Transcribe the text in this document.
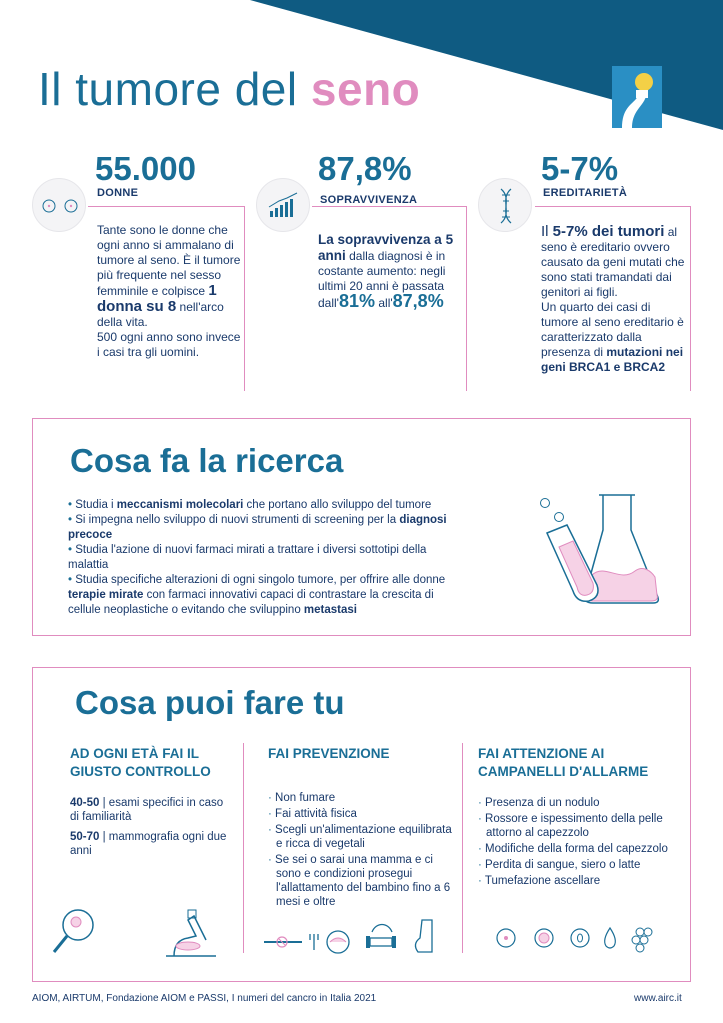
Il tumore del seno
AIRC
55.000
DONNE
Tante sono le donne che ogni anno si ammalano di tumore al seno. È il tumore più frequente nel sesso femminile e colpisce 1 donna su 8 nell'arco della vita.
500 ogni anno sono invece i casi tra gli uomini.
87,8%
SOPRAVVIVENZA
La sopravvivenza a 5 anni dalla diagnosi è in costante aumento: negli ultimi 20 anni è passata
dall'81% all'87,8%
5-7%
EREDITARIETÀ
Il 5-7% dei tumori al seno è ereditario ovvero causato da geni mutati che sono stati tramandati dai genitori ai figli.
Un quarto dei casi di tumore al seno ereditario è caratterizzato dalla presenza di mutazioni nei geni BRCA1 e BRCA2
Cosa fa la ricerca
• Studia i meccanismi molecolari che portano allo sviluppo del tumore
• Si impegna nello sviluppo di nuovi strumenti di screening per la diagnosi precoce
• Studia l'azione di nuovi farmaci mirati a trattare i diversi sottotipi della malattia
• Studia specifiche alterazioni di ogni singolo tumore, per offrire alle donne terapie mirate con farmaci innovativi capaci di contrastare la crescita di cellule neoplastiche o evitando che sviluppino metastasi
Cosa puoi fare tu
AD OGNI ETÀ FAI IL GIUSTO CONTROLLO
40-50 | esami specifici in caso di familiarità
50-70 | mammografia ogni due anni
FAI PREVENZIONE
· Non fumare
· Fai attività fisica
· Scegli un'alimentazione equilibrata e ricca di vegetali
· Se sei o sarai una mamma e ci sono e condizioni prosegui l'allattamento del bambino fino a 6 mesi e oltre
FAI ATTENZIONE AI CAMPANELLI D'ALLARME
· Presenza di un nodulo
· Rossore e ispessimento della pelle attorno al capezzolo
· Modifiche della forma del capezzolo
· Perdita di sangue, siero o latte
· Tumefazione ascellare
AIOM, AIRTUM, Fondazione AIOM e PASSI, I numeri del cancro in Italia 2021	www.airc.it
